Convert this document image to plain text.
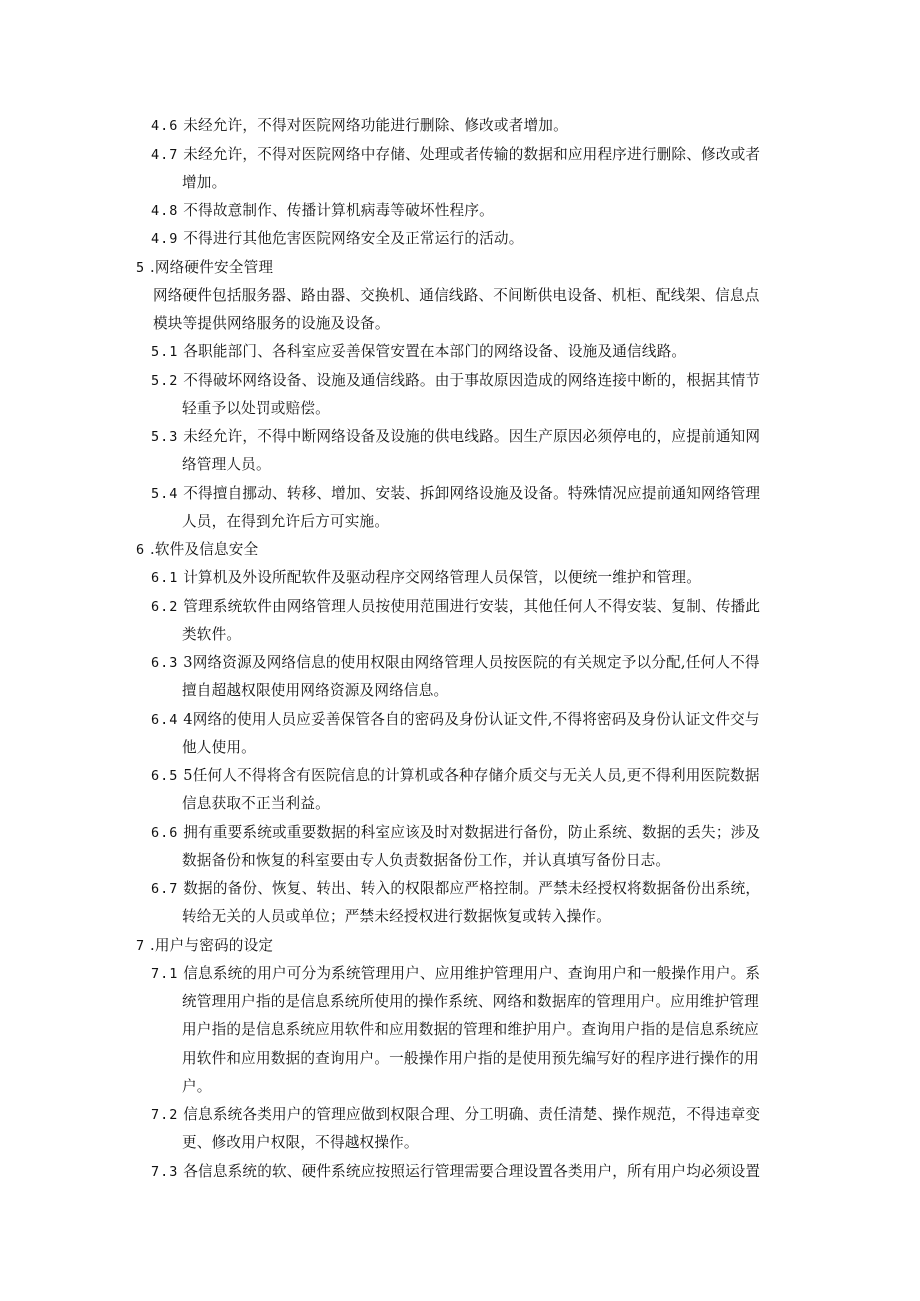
4.6 未经允许，不得对医院网络功能进行删除、修改或者增加。
4.7 未经允许，不得对医院网络中存储、处理或者传输的数据和应用程序进行删除、修改或者
增加。
4.8 不得故意制作、传播计算机病毒等破坏性程序。
4.9 不得进行其他危害医院网络安全及正常运行的活动。
5 .网络硬件安全管理
网络硬件包括服务器、路由器、交换机、通信线路、不间断供电设备、机柜、配线架、信息点
模块等提供网络服务的设施及设备。
5.1 各职能部门、各科室应妥善保管安置在本部门的网络设备、设施及通信线路。
5.2 不得破坏网络设备、设施及通信线路。由于事故原因造成的网络连接中断的，根据其情节
轻重予以处罚或赔偿。
5.3 未经允许，不得中断网络设备及设施的供电线路。因生产原因必须停电的，应提前通知网
络管理人员。
5.4 不得擅自挪动、转移、增加、安装、拆卸网络设施及设备。特殊情况应提前通知网络管理
人员，在得到允许后方可实施。
6 .软件及信息安全
6.1 计算机及外设所配软件及驱动程序交网络管理人员保管，以便统一维护和管理。
6.2 管理系统软件由网络管理人员按使用范围进行安装，其他任何人不得安装、复制、传播此
类软件。
6.3 3网络资源及网络信息的使用权限由网络管理人员按医院的有关规定予以分配,任何人不得
擅自超越权限使用网络资源及网络信息。
6.4 4网络的使用人员应妥善保管各自的密码及身份认证文件,不得将密码及身份认证文件交与
他人使用。
6.5 5任何人不得将含有医院信息的计算机或各种存储介质交与无关人员,更不得利用医院数据
信息获取不正当利益。
6.6 拥有重要系统或重要数据的科室应该及时对数据进行备份，防止系统、数据的丢失；涉及
数据备份和恢复的科室要由专人负责数据备份工作，并认真填写备份日志。
6.7 数据的备份、恢复、转出、转入的权限都应严格控制。严禁未经授权将数据备份出系统，
转给无关的人员或单位；严禁未经授权进行数据恢复或转入操作。
7 .用户与密码的设定
7.1 信息系统的用户可分为系统管理用户、应用维护管理用户、查询用户和一般操作用户。系
统管理用户指的是信息系统所使用的操作系统、网络和数据库的管理用户。应用维护管理
用户指的是信息系统应用软件和应用数据的管理和维护用户。查询用户指的是信息系统应
用软件和应用数据的查询用户。一般操作用户指的是使用预先编写好的程序进行操作的用
户。
7.2 信息系统各类用户的管理应做到权限合理、分工明确、责任清楚、操作规范，不得违章变
更、修改用户权限，不得越权操作。
7.3 各信息系统的软、硬件系统应按照运行管理需要合理设置各类用户，所有用户均必须设置
